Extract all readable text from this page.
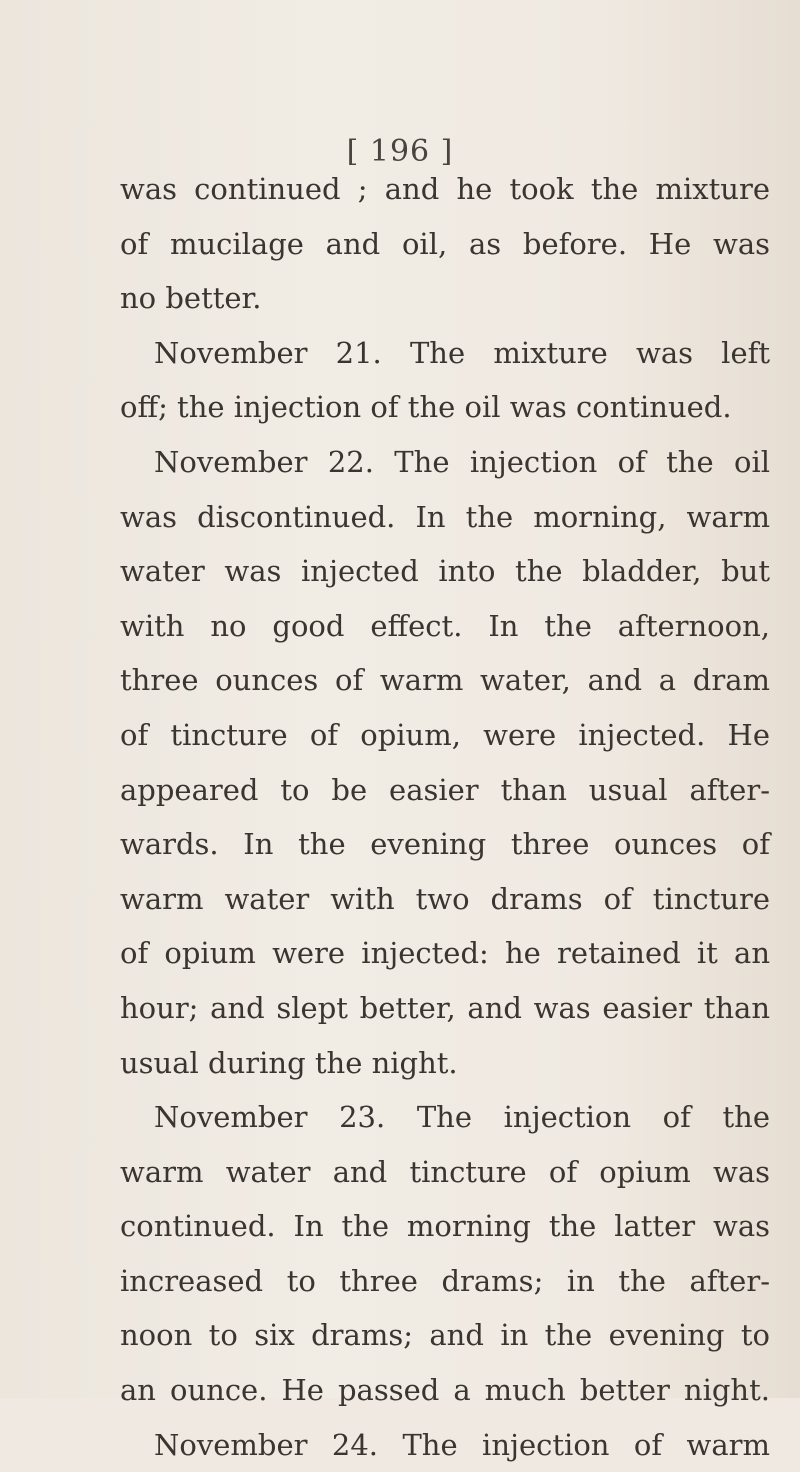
[ 196 ]
was continued ; and he took the mixture
of mucilage and oil, as before. He was
no better.
November 21. The mixture was left
off; the injection of the oil was continued.
November 22. The injection of the oil
was discontinued. In the morning, warm
water was injected into the bladder, but
with no good effect. In the afternoon,
three ounces of warm water, and a dram
of tincture of opium, were injected. He
appeared to be easier than usual after-
wards. In the evening three ounces of
warm water with two drams of tincture
of opium were injected: he retained it an
hour; and slept better, and was easier than
usual during the night.
November 23. The injection of the
warm water and tincture of opium was
continued. In the morning the latter was
increased to three drams; in the after-
noon to six drams; and in the evening to
an ounce. He passed a much better night.
November 24. The injection of warm
